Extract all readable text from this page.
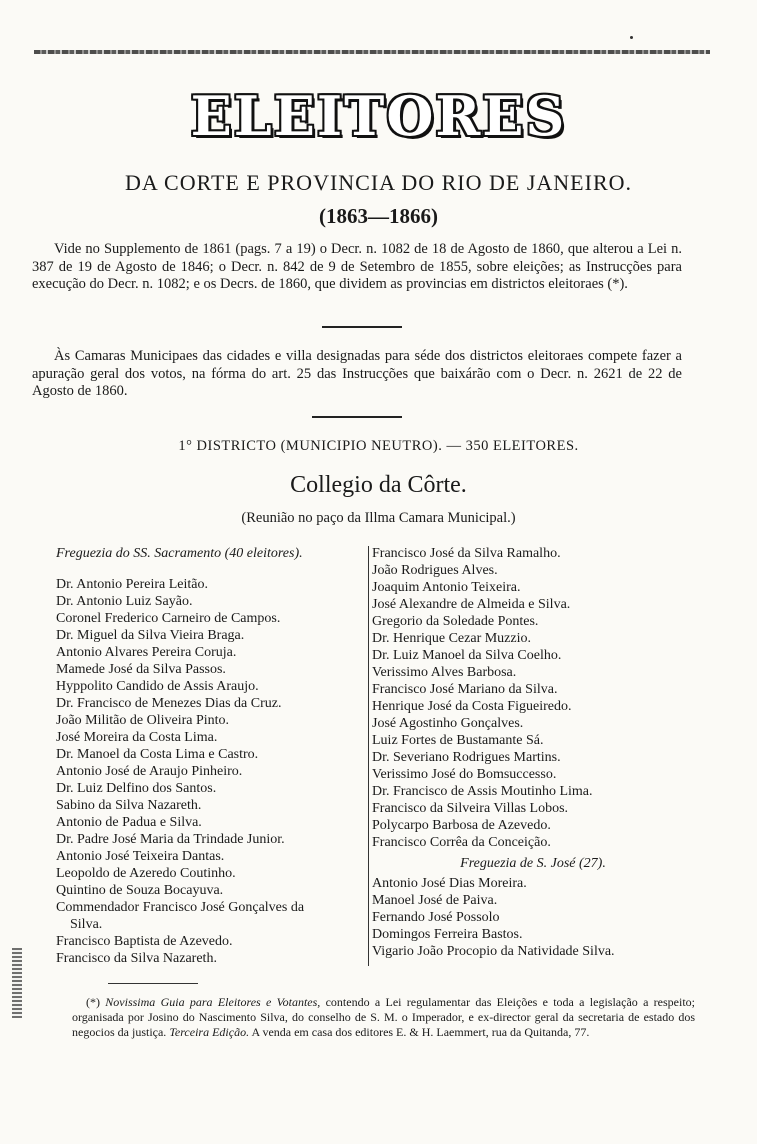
ELEITORES
DA CORTE E PROVINCIA DO RIO DE JANEIRO.
(1863—1866)
Vide no Supplemento de 1861 (pags. 7 a 19) o Decr. n. 1082 de 18 de Agosto de 1860, que alterou a Lei n. 387 de 19 de Agosto de 1846; o Decr. n. 842 de 9 de Setembro de 1855, sobre eleições; as Instrucções para execução do Decr. n. 1082; e os Decrs. de 1860, que dividem as provincias em districtos eleitoraes (*).
Às Camaras Municipaes das cidades e villa designadas para séde dos districtos eleitoraes compete fazer a apuração geral dos votos, na fórma do art. 25 das Instrucções que baixárão com o Decr. n. 2621 de 22 de Agosto de 1860.
1° DISTRICTO (MUNICIPIO NEUTRO). — 350 ELEITORES.
Collegio da Côrte.
(Reunião no paço da Illma Camara Municipal.)
Freguezia do SS. Sacramento (40 eleitores).
Dr. Antonio Pereira Leitão.
Dr. Antonio Luiz Sayão.
Coronel Frederico Carneiro de Campos.
Dr. Miguel da Silva Vieira Braga.
Antonio Alvares Pereira Coruja.
Mamede José da Silva Passos.
Hyppolito Candido de Assis Araujo.
Dr. Francisco de Menezes Dias da Cruz.
João Militão de Oliveira Pinto.
José Moreira da Costa Lima.
Dr. Manoel da Costa Lima e Castro.
Antonio José de Araujo Pinheiro.
Dr. Luiz Delfino dos Santos.
Sabino da Silva Nazareth.
Antonio de Padua e Silva.
Dr. Padre José Maria da Trindade Junior.
Antonio José Teixeira Dantas.
Leopoldo de Azeredo Coutinho.
Quintino de Souza Bocayuva.
Commendador Francisco José Gonçalves da
Silva.
Francisco Baptista de Azevedo.
Francisco da Silva Nazareth.
Francisco José da Silva Ramalho.
João Rodrigues Alves.
Joaquim Antonio Teixeira.
José Alexandre de Almeida e Silva.
Gregorio da Soledade Pontes.
Dr. Henrique Cezar Muzzio.
Dr. Luiz Manoel da Silva Coelho.
Verissimo Alves Barbosa.
Francisco José Mariano da Silva.
Henrique José da Costa Figueiredo.
José Agostinho Gonçalves.
Luiz Fortes de Bustamante Sá.
Dr. Severiano Rodrigues Martins.
Verissimo José do Bomsuccesso.
Dr. Francisco de Assis Moutinho Lima.
Francisco da Silveira Villas Lobos.
Polycarpo Barbosa de Azevedo.
Francisco Corrêa da Conceição.
Freguezia de S. José (27).
Antonio José Dias Moreira.
Manoel José de Paiva.
Fernando José Possolo
Domingos Ferreira Bastos.
Vigario João Procopio da Natividade Silva.
(*) Novissima Guia para Eleitores e Votantes, contendo a Lei regulamentar das Eleições e toda a legislação a respeito; organisada por Josino do Nascimento Silva, do conselho de S. M. o Imperador, e ex-director geral da secretaria de estado dos negocios da justiça. Terceira Edição. A venda em casa dos editores E. & H. Laemmert, rua da Quitanda, 77.
